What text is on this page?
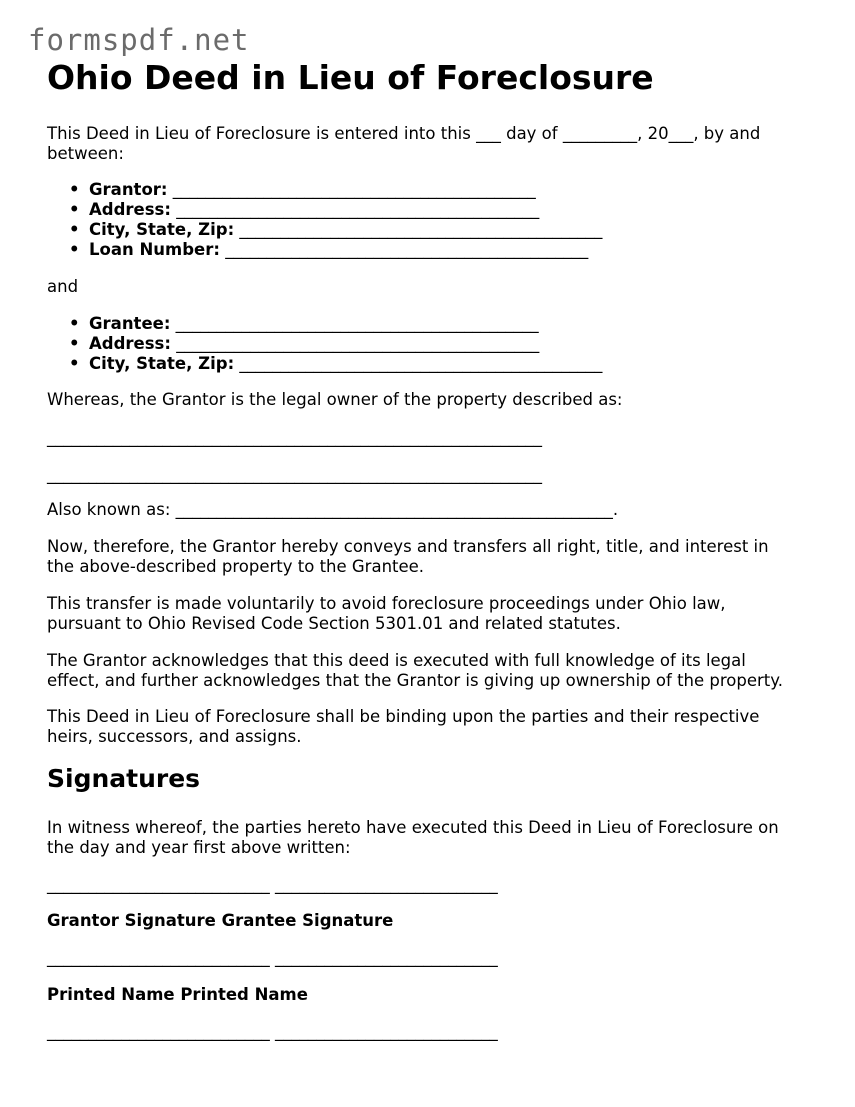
formspdf.net
Ohio Deed in Lieu of Foreclosure

This Deed in Lieu of Foreclosure is entered into this ___ day of _________, 20___, by and

between:

• Grantor: ____________________________________________
• Address: ____________________________________________
• City, State, Zip: ____________________________________________
• Loan Number: ____________________________________________

and

• Grantee: ____________________________________________
• Address: ____________________________________________
• City, State, Zip: ____________________________________________

Whereas, the Grantor is the legal owner of the property described as:

____________________________________________________________

____________________________________________________________

Also known as: _____________________________________________________.

Now, therefore, the Grantor hereby conveys and transfers all right, title, and interest in

the above-described property to the Grantee.

This transfer is made voluntarily to avoid foreclosure proceedings under Ohio law,

pursuant to Ohio Revised Code Section 5301.01 and related statutes.

The Grantor acknowledges that this deed is executed with full knowledge of its legal

effect, and further acknowledges that the Grantor is giving up ownership of the property.

This Deed in Lieu of Foreclosure shall be binding upon the parties and their respective

heirs, successors, and assigns.

Signatures

In witness whereof, the parties hereto have executed this Deed in Lieu of Foreclosure on

the day and year first above written:

___________________________ ___________________________

Grantor Signature Grantee Signature

___________________________ ___________________________

Printed Name Printed Name

___________________________ ___________________________
